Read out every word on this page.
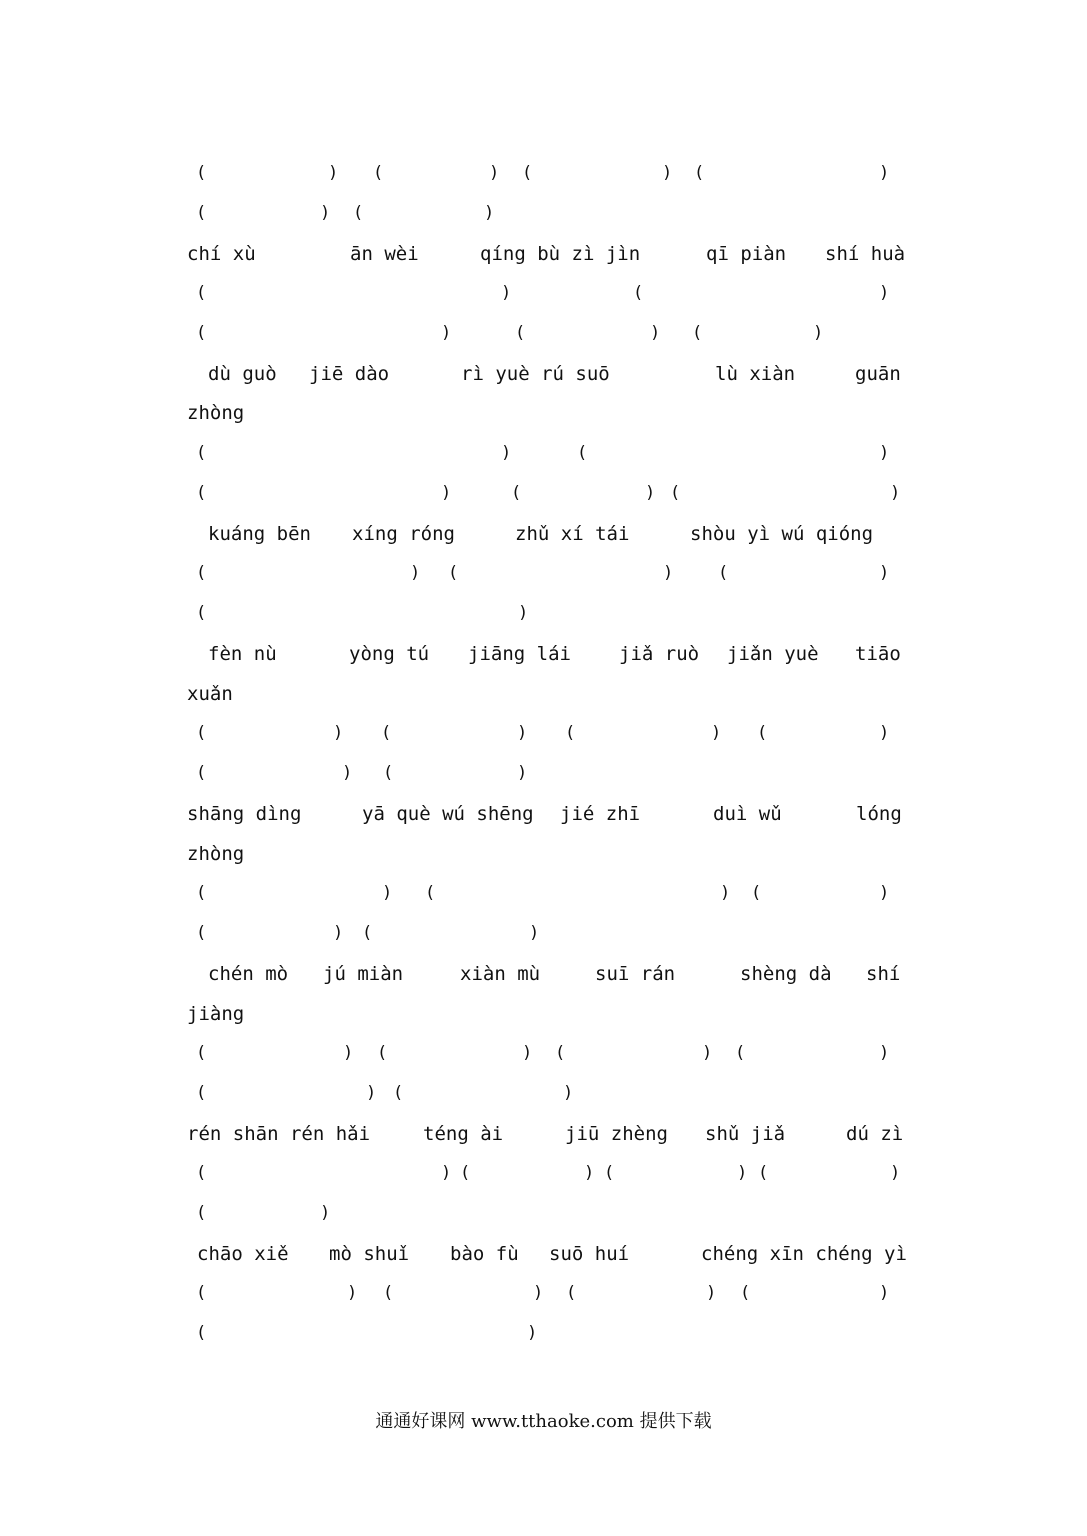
(	) (	) (	) (	)
(	) (	)
chí xù	ān wèi	qíng bù zì jìn	qī piàn shí huà
(	)	(	)
(	)	(	) (	)
dù guò jiē dào	rì yuè rú suō	lù xiàn	guān
zhòng
(	)	(	)
(	)	(	) (	)
kuáng bēn xíng róng	zhǔ xí tái	shòu yì wú qióng
(	) (	)	(	)
(	)
fèn nù	yòng tú jiāng lái	jiǎ ruò jiǎn yuè tiāo
xuǎn
(	) (	) (	) (	)
(	) (	)
shāng dìng	yā què wú shēng jié zhī	duì wǔ	lóng
zhòng
(	) (	) (	)
(	) (	)
chén mò jú miàn	xiàn mù	suī rán	shèng dà shí
jiàng
(	) (	) (	) (	)
(	) (	)
rén shān rén hǎi	téng ài	jiū zhèng shǔ jiǎ	dú zì
(	) (	) (	) (	)
(	)
chāo xiě mò shuǐ bào fù suō huí	chéng xīn chéng yì
(	) (	) (	) (	)
(	)
通通好课网 www.tthaoke.com 提供下载
